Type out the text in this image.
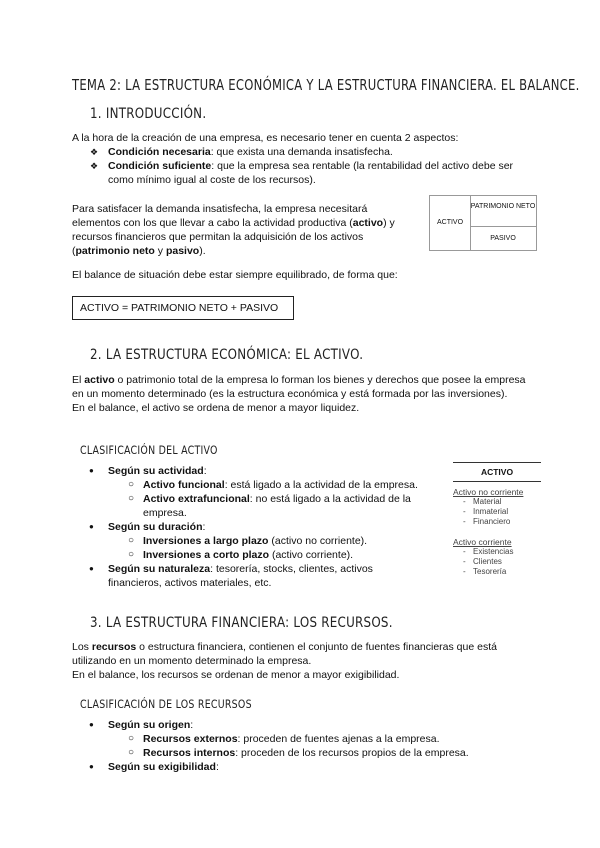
TEMA 2: LA ESTRUCTURA ECONÓMICA Y LA ESTRUCTURA FINANCIERA. EL BALANCE.
1. INTRODUCCIÓN.

A la hora de la creación de una empresa, es necesario tener en cuenta 2 aspectos:

❖ Condición necesaria: que exista una demanda insatisfecha.
❖ Condición suficiente: que la empresa sea rentable (la rentabilidad del activo debe ser como mínimo igual al coste de los recursos).

Para satisfacer la demanda insatisfecha, la empresa necesitará elementos con los que llevar a cabo la actividad productiva (activo) y recursos financieros que permitan la adquisición de los activos (patrimonio neto y pasivo).

ACTIVO
PATRIMONIO NETO
PASIVO

El balance de situación debe estar siempre equilibrado, de forma que:

ACTIVO = PATRIMONIO NETO + PASIVO
2. LA ESTRUCTURA ECONÓMICA: EL ACTIVO.

El activo o patrimonio total de la empresa lo forman los bienes y derechos que posee la empresa en un momento determinado (es la estructura económica y está formada por las inversiones).

En el balance, el activo se ordena de menor a mayor liquidez.

CLASIFICACIÓN DEL ACTIVO
● Según su actividad:
○ Activo funcional: está ligado a la actividad de la empresa.
○ Activo extrafuncional: no está ligado a la actividad de la empresa.
● Según su duración:
○ Inversiones a largo plazo (activo no corriente).
○ Inversiones a corto plazo (activo corriente).
● Según su naturaleza: tesorería, stocks, clientes, activos financieros, activos materiales, etc.
ACTIVO
Activo no corriente
- Material
- Inmaterial
- Financiero
Activo corriente
- Existencias
- Clientes
- Tesorería
3. LA ESTRUCTURA FINANCIERA: LOS RECURSOS.

Los recursos o estructura financiera, contienen el conjunto de fuentes financieras que está utilizando en un momento determinado la empresa.

En el balance, los recursos se ordenan de menor a mayor exigibilidad.

CLASIFICACIÓN DE LOS RECURSOS
● Según su origen:
○ Recursos externos: proceden de fuentes ajenas a la empresa.
○ Recursos internos: proceden de los recursos propios de la empresa.
● Según su exigibilidad:
